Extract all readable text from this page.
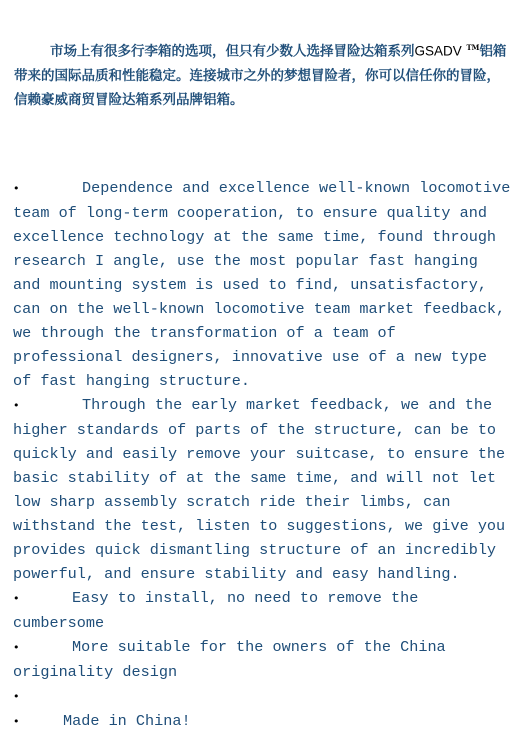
市场上有很多行李箱的选项，但只有少数人选择冒险达箱系列GSADV ™铝箱带来的国际品质和性能稳定。连接城市之外的梦想冒险者，你可以信任你的冒险，信赖豪威商贸冒险达箱系列品牌铝箱。

•	Dependence and excellence well-known locomotive team of long-term cooperation, to ensure quality and excellence technology at the same time, found through research I angle, use the most popular fast hanging and mounting system is used to find, unsatisfactory, can on the well-known locomotive team market feedback, we through the transformation of a team of professional designers, innovative use of a new type of fast hanging structure.
•	Through the early market feedback, we and the higher standards of parts of the structure, can be to quickly and easily remove your suitcase, to ensure the basic stability of at the same time, and will not let low sharp assembly scratch ride their limbs, can withstand the test, listen to suggestions, we give you provides quick dismantling structure of an incredibly powerful, and ensure stability and easy handling.
•	Easy to install, no need to remove the cumbersome
•	More suitable for the owners of the China originality design
•
•	Made in China!
